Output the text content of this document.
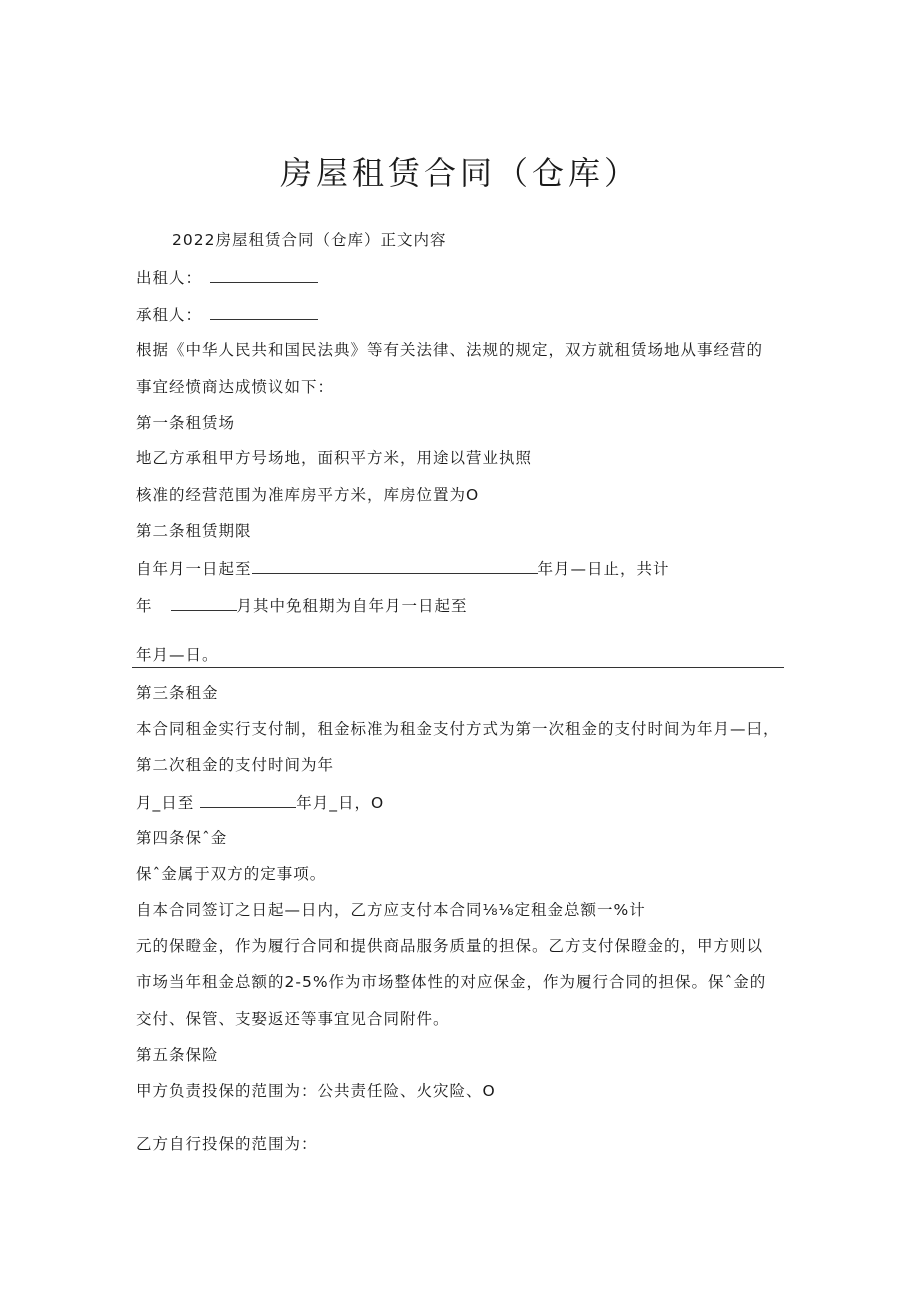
房屋租赁合同（仓库）
2022房屋租赁合同（仓库）正文内容
出租人：
承租人：
根据《中华人民共和国民法典》等有关法律、法规的规定，双方就租赁场地从事经营的
事宜经愤商达成愤议如下：
第一条租赁场
地乙方承租甲方号场地，面积平方米，用途以营业执照
核准的经营范围为准库房平方米，库房位置为O
第二条租赁期限
自年月一日起至	年月—日止，共计
年	月其中免租期为自年月一日起至
年月—日。
第三条租金
本合同租金实行支付制，租金标准为租金支付方式为第一次租金的支付时间为年月—曰，
第二次租金的支付时间为年
月_日至	年月_日，O
第四条保ˆ金
保ˆ金属于双方的定事项。
自本合同签订之日起—日内，乙方应支付本合同⅛⅛定租金总额一%计
元的保瞪金，作为履行合同和提供商品服务质量的担保。乙方支付保瞪金的，甲方则以
市场当年租金总额的2-5%作为市场整体性的对应保金，作为履行合同的担保。保ˆ金的
交付、保管、支娶返还等事宜见合同附件。
第五条保险
甲方负责投保的范围为：公共责任险、火灾险、O
乙方自行投保的范围为：
